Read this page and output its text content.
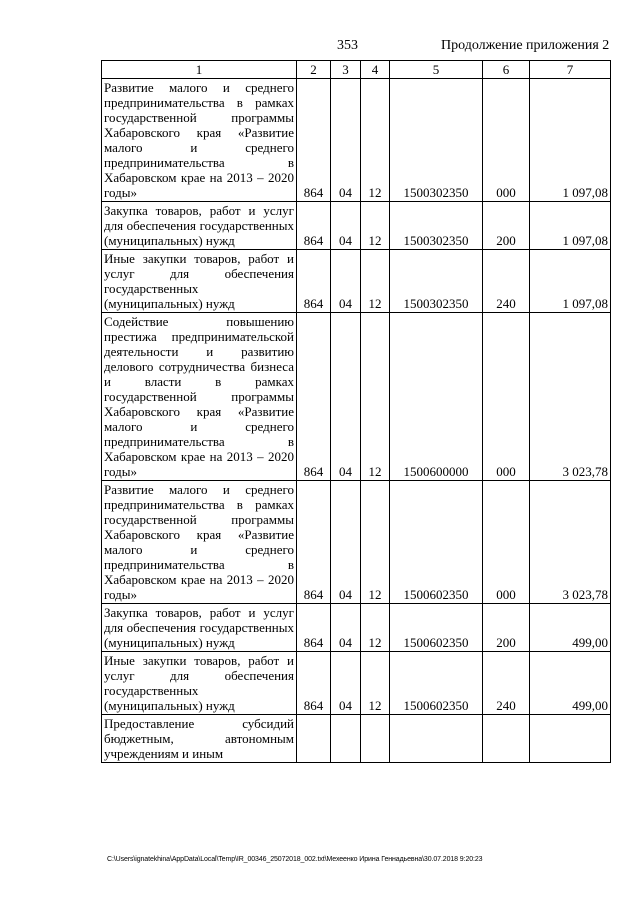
353	Продолжение приложения 2
1	2	3	4	5	6	7
Развитие малого и среднего предпринимательства в рамках государственной программы Хабаровского края «Развитие малого и среднего предпринимательства в Хабаровском крае на 2013 – 2020 годы»	864	04	12	1500302350	000	1 097,08
Закупка товаров, работ и услуг для обеспечения государственных (муниципальных) нужд	864	04	12	1500302350	200	1 097,08
Иные закупки товаров, работ и услуг для обеспечения государственных (муниципальных) нужд	864	04	12	1500302350	240	1 097,08
Содействие повышению престижа предпринимательской деятельности и развитию делового сотрудничества бизнеса и власти в рамках государственной программы Хабаровского края «Развитие малого и среднего предпринимательства в Хабаровском крае на 2013 – 2020 годы»	864	04	12	1500600000	000	3 023,78
Развитие малого и среднего предпринимательства в рамках государственной программы Хабаровского края «Развитие малого и среднего предпринимательства в Хабаровском крае на 2013 – 2020 годы»	864	04	12	1500602350	000	3 023,78
Закупка товаров, работ и услуг для обеспечения государственных (муниципальных) нужд	864	04	12	1500602350	200	499,00
Иные закупки товаров, работ и услуг для обеспечения государственных (муниципальных) нужд	864	04	12	1500602350	240	499,00
Предоставление субсидий бюджетным, автономным учреждениям и иным						
C:\Users\ignatekhina\AppData\Local\Temp\IR_00346_25072018_002.txt\Мехеенко Ирина Геннадьевна\30.07.2018 9:20:23
